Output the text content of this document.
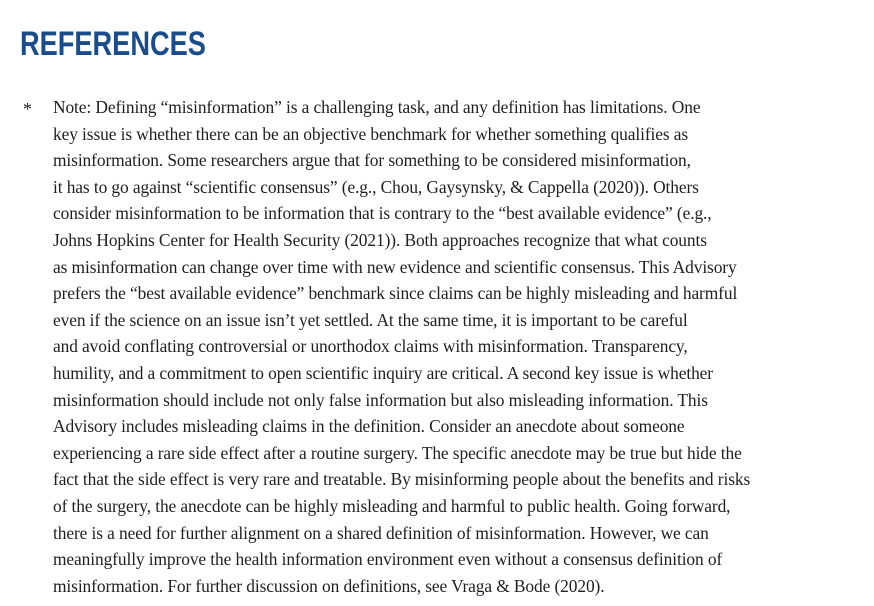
REFERENCES
* Note: Defining “misinformation” is a challenging task, and any definition has limitations. One
key issue is whether there can be an objective benchmark for whether something qualifies as
misinformation. Some researchers argue that for something to be considered misinformation,
it has to go against “scientific consensus” (e.g., Chou, Gaysynsky, & Cappella (2020)). Others
consider misinformation to be information that is contrary to the “best available evidence” (e.g.,
Johns Hopkins Center for Health Security (2021)). Both approaches recognize that what counts
as misinformation can change over time with new evidence and scientific consensus. This Advisory
prefers the “best available evidence” benchmark since claims can be highly misleading and harmful
even if the science on an issue isn’t yet settled. At the same time, it is important to be careful
and avoid conflating controversial or unorthodox claims with misinformation. Transparency,
humility, and a commitment to open scientific inquiry are critical. A second key issue is whether
misinformation should include not only false information but also misleading information. This
Advisory includes misleading claims in the definition. Consider an anecdote about someone
experiencing a rare side effect after a routine surgery. The specific anecdote may be true but hide the
fact that the side effect is very rare and treatable. By misinforming people about the benefits and risks
of the surgery, the anecdote can be highly misleading and harmful to public health. Going forward,
there is a need for further alignment on a shared definition of misinformation. However, we can
meaningfully improve the health information environment even without a consensus definition of
misinformation. For further discussion on definitions, see Vraga & Bode (2020).
